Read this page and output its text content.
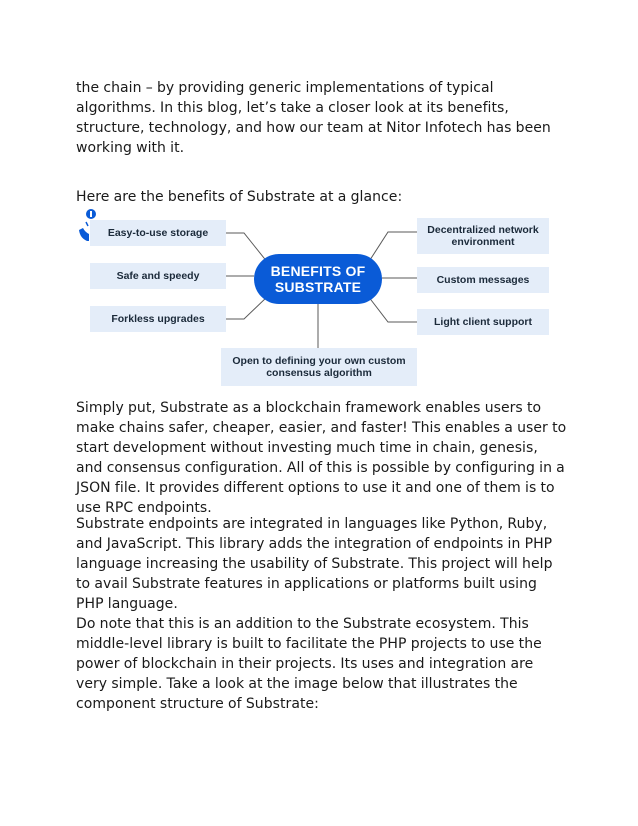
the chain – by providing generic implementations of typical algorithms. In this blog, let’s take a closer look at its benefits, structure, technology, and how our team at Nitor Infotech has been working with it.

Here are the benefits of Substrate at a glance:

BENEFITS OF
SUBSTRATE
Easy-to-use storage
Safe and speedy
Forkless upgrades
Decentralized network environment
Custom messages
Light client support
Open to defining your own custom consensus algorithm

Simply put, Substrate as a blockchain framework enables users to make chains safer, cheaper, easier, and faster! This enables a user to start development without investing much time in chain, genesis, and consensus configuration. All of this is possible by configuring in a JSON file. It provides different options to use it and one of them is to use RPC endpoints.

Substrate endpoints are integrated in languages like Python, Ruby, and JavaScript. This library adds the integration of endpoints in PHP language increasing the usability of Substrate. This project will help to avail Substrate features in applications or platforms built using PHP language.

Do note that this is an addition to the Substrate ecosystem. This middle-level library is built to facilitate the PHP projects to use the power of blockchain in their projects. Its uses and integration are very simple. Take a look at the image below that illustrates the component structure of Substrate:
